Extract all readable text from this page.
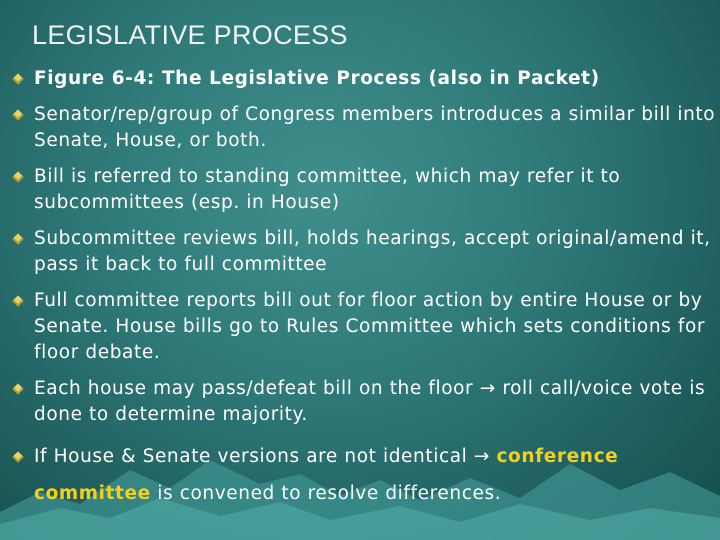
LEGISLATIVE PROCESS
Figure 6-4: The Legislative Process (also in Packet)
Senator/rep/group of Congress members introduces a similar bill into Senate, House, or both.
Bill is referred to standing committee, which may refer it to subcommittees (esp. in House)
Subcommittee reviews bill, holds hearings, accept original/amend it, pass it back to full committee
Full committee reports bill out for floor action by entire House or by Senate. House bills go to Rules Committee which sets conditions for floor debate.
Each house may pass/defeat bill on the floor → roll call/voice vote is done to determine majority.
If House & Senate versions are not identical → conference committee is convened to resolve differences.
